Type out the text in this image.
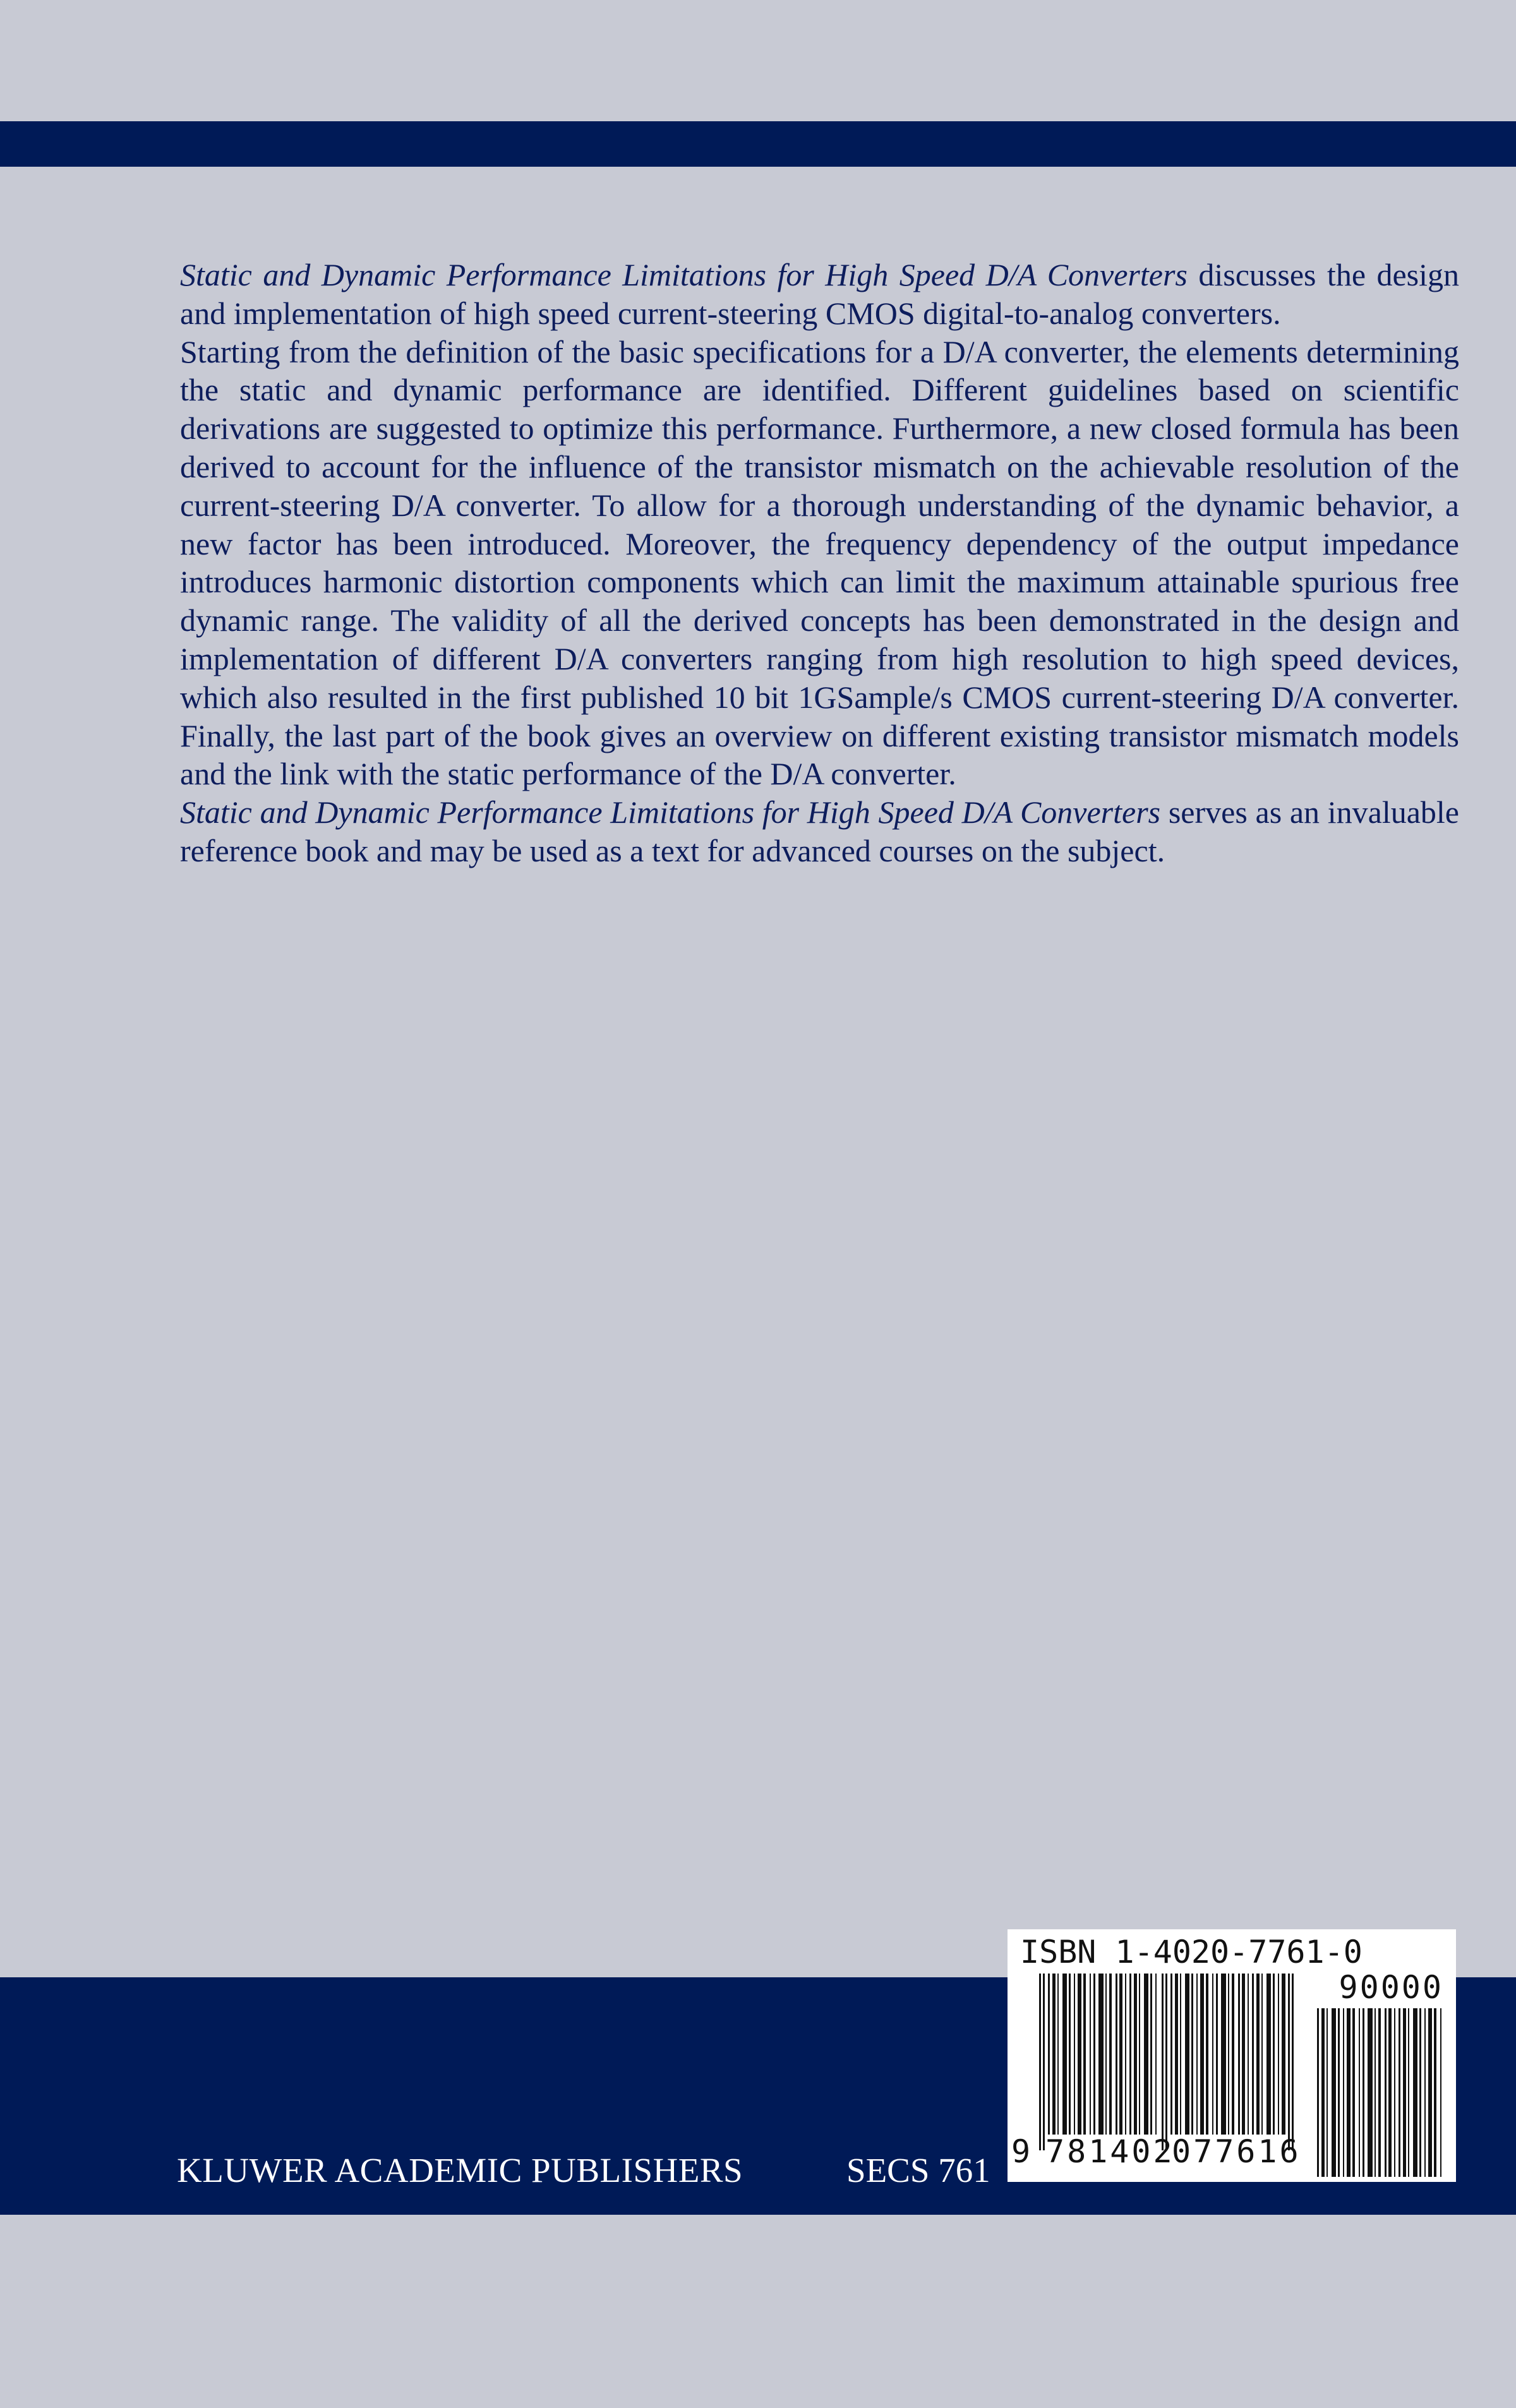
Static and Dynamic Performance Limitations for High Speed D/A Converters discusses the design and implementation of high speed current-steering CMOS digital-to-analog converters.

Starting from the definition of the basic specifications for a D/A converter, the elements determining the static and dynamic performance are identified. Different guidelines based on scientific derivations are suggested to optimize this performance. Furthermore, a new closed formula has been derived to account for the influence of the transistor mismatch on the achievable resolution of the current-steering D/A converter. To allow for a thorough understanding of the dynamic behavior, a new factor has been introduced. Moreover, the frequency dependency of the output impedance introduces harmonic distortion components which can limit the maximum attainable spurious free dynamic range. The validity of all the derived concepts has been demonstrated in the design and implementation of different D/A converters ranging from high resolution to high speed devices, which also resulted in the first published 10 bit 1GSample/s CMOS current-steering D/A converter. Finally, the last part of the book gives an overview on different existing transistor mismatch models and the link with the static performance of the D/A converter.

Static and Dynamic Performance Limitations for High Speed D/A Converters serves as an invaluable reference book and may be used as a text for advanced courses on the subject.

KLUWER ACADEMIC PUBLISHERS	SECS 761
ISBN 1-4020-7761-0
90000
9 781402
077616
